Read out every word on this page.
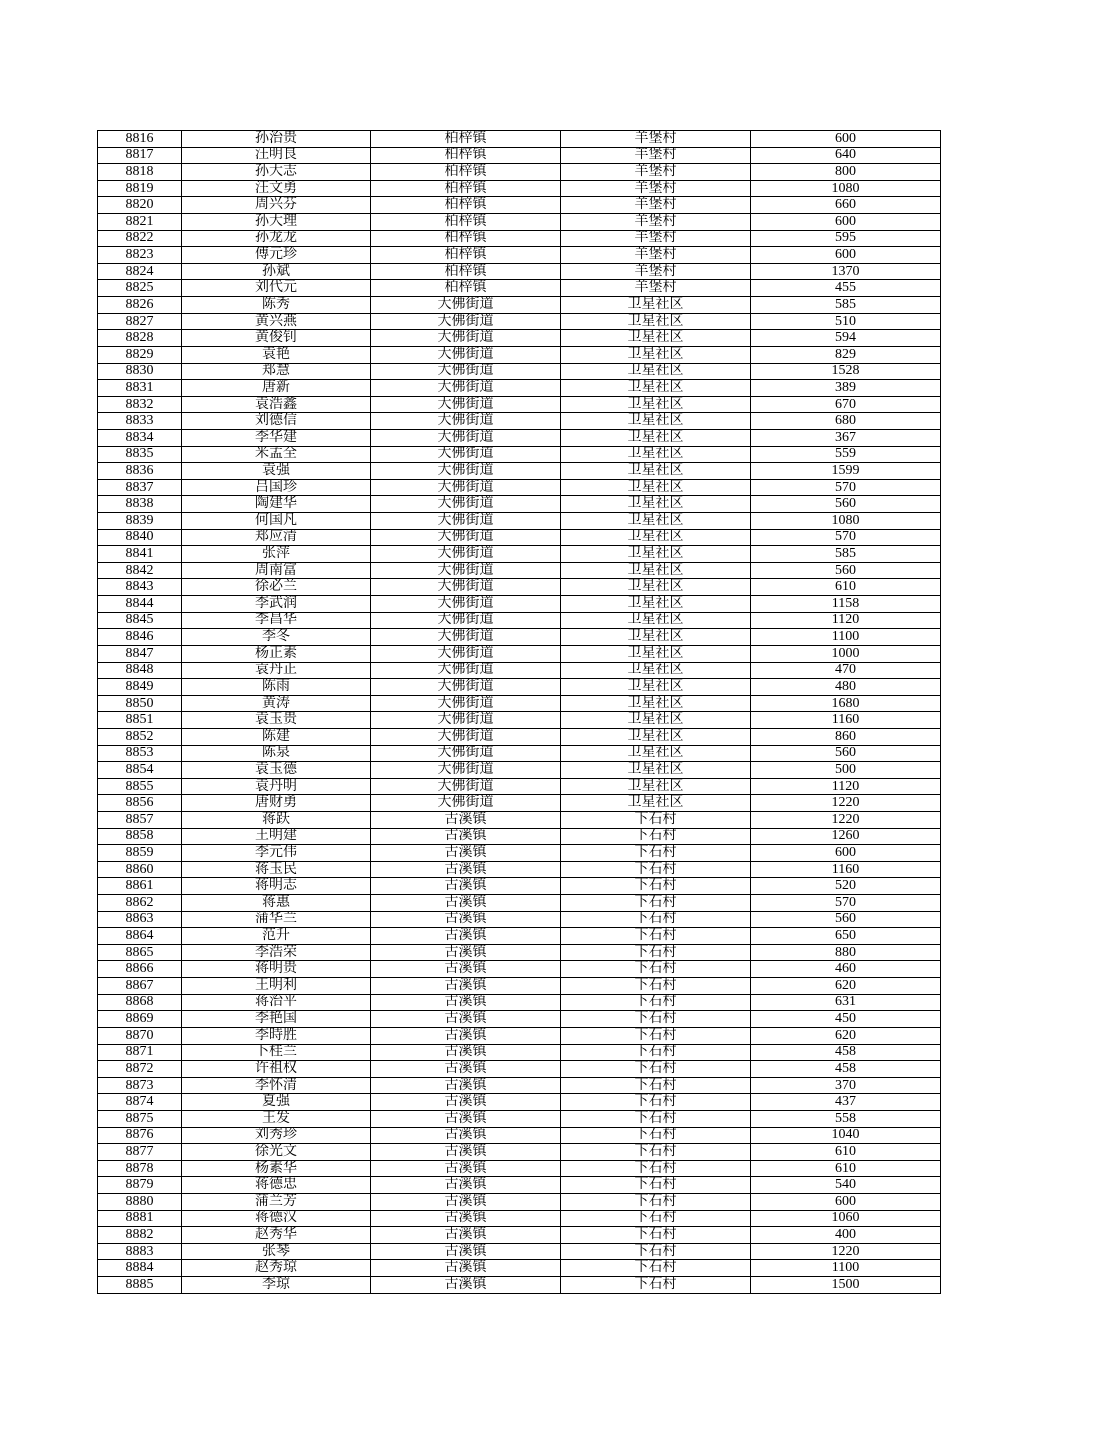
8816	孙治贵	柏梓镇	羊堡村	600
8817	汪明良	柏梓镇	羊堡村	640
8818	孙大志	柏梓镇	羊堡村	800
8819	汪文勇	柏梓镇	羊堡村	1080
8820	周兴芬	柏梓镇	羊堡村	660
8821	孙大理	柏梓镇	羊堡村	600
8822	孙龙龙	柏梓镇	羊堡村	595
8823	傅元珍	柏梓镇	羊堡村	600
8824	孙斌	柏梓镇	羊堡村	1370
8825	刘代元	柏梓镇	羊堡村	455
8826	陈秀	大佛街道	卫星社区	585
8827	黄兴燕	大佛街道	卫星社区	510
8828	黄俊钊	大佛街道	卫星社区	594
8829	袁艳	大佛街道	卫星社区	829
8830	郑慧	大佛街道	卫星社区	1528
8831	唐新	大佛街道	卫星社区	389
8832	袁浩鑫	大佛街道	卫星社区	670
8833	刘德信	大佛街道	卫星社区	680
8834	李华建	大佛街道	卫星社区	367
8835	米孟全	大佛街道	卫星社区	559
8836	袁强	大佛街道	卫星社区	1599
8837	吕国珍	大佛街道	卫星社区	570
8838	陶建华	大佛街道	卫星社区	560
8839	何国凡	大佛街道	卫星社区	1080
8840	郑应清	大佛街道	卫星社区	570
8841	张萍	大佛街道	卫星社区	585
8842	周南富	大佛街道	卫星社区	560
8843	徐必兰	大佛街道	卫星社区	610
8844	李武润	大佛街道	卫星社区	1158
8845	李昌华	大佛街道	卫星社区	1120
8846	李冬	大佛街道	卫星社区	1100
8847	杨正素	大佛街道	卫星社区	1000
8848	袁丹正	大佛街道	卫星社区	470
8849	陈雨	大佛街道	卫星社区	480
8850	黄涛	大佛街道	卫星社区	1680
8851	袁玉贵	大佛街道	卫星社区	1160
8852	陈建	大佛街道	卫星社区	860
8853	陈泉	大佛街道	卫星社区	560
8854	袁玉德	大佛街道	卫星社区	500
8855	袁丹明	大佛街道	卫星社区	1120
8856	唐财勇	大佛街道	卫星社区	1220
8857	蒋跃	古溪镇	下石村	1220
8858	王明建	古溪镇	下石村	1260
8859	李元伟	古溪镇	下石村	600
8860	蒋玉民	古溪镇	下石村	1160
8861	蒋明志	古溪镇	下石村	520
8862	蒋惠	古溪镇	下石村	570
8863	蒲华兰	古溪镇	下石村	560
8864	范升	古溪镇	下石村	650
8865	李浩荣	古溪镇	下石村	880
8866	蒋明贵	古溪镇	下石村	460
8867	王明利	古溪镇	下石村	620
8868	蒋治平	古溪镇	下石村	631
8869	李艳国	古溪镇	下石村	450
8870	李時胜	古溪镇	下石村	620
8871	卜桂兰	古溪镇	下石村	458
8872	许祖权	古溪镇	下石村	458
8873	李怀清	古溪镇	下石村	370
8874	夏强	古溪镇	下石村	437
8875	王发	古溪镇	下石村	558
8876	刘秀珍	古溪镇	下石村	1040
8877	徐光文	古溪镇	下石村	610
8878	杨素华	古溪镇	下石村	610
8879	蒋德忠	古溪镇	下石村	540
8880	蒲兰芳	古溪镇	下石村	600
8881	蒋德汉	古溪镇	下石村	1060
8882	赵秀华	古溪镇	下石村	400
8883	张琴	古溪镇	下石村	1220
8884	赵秀琼	古溪镇	下石村	1100
8885	李琼	古溪镇	下石村	1500
